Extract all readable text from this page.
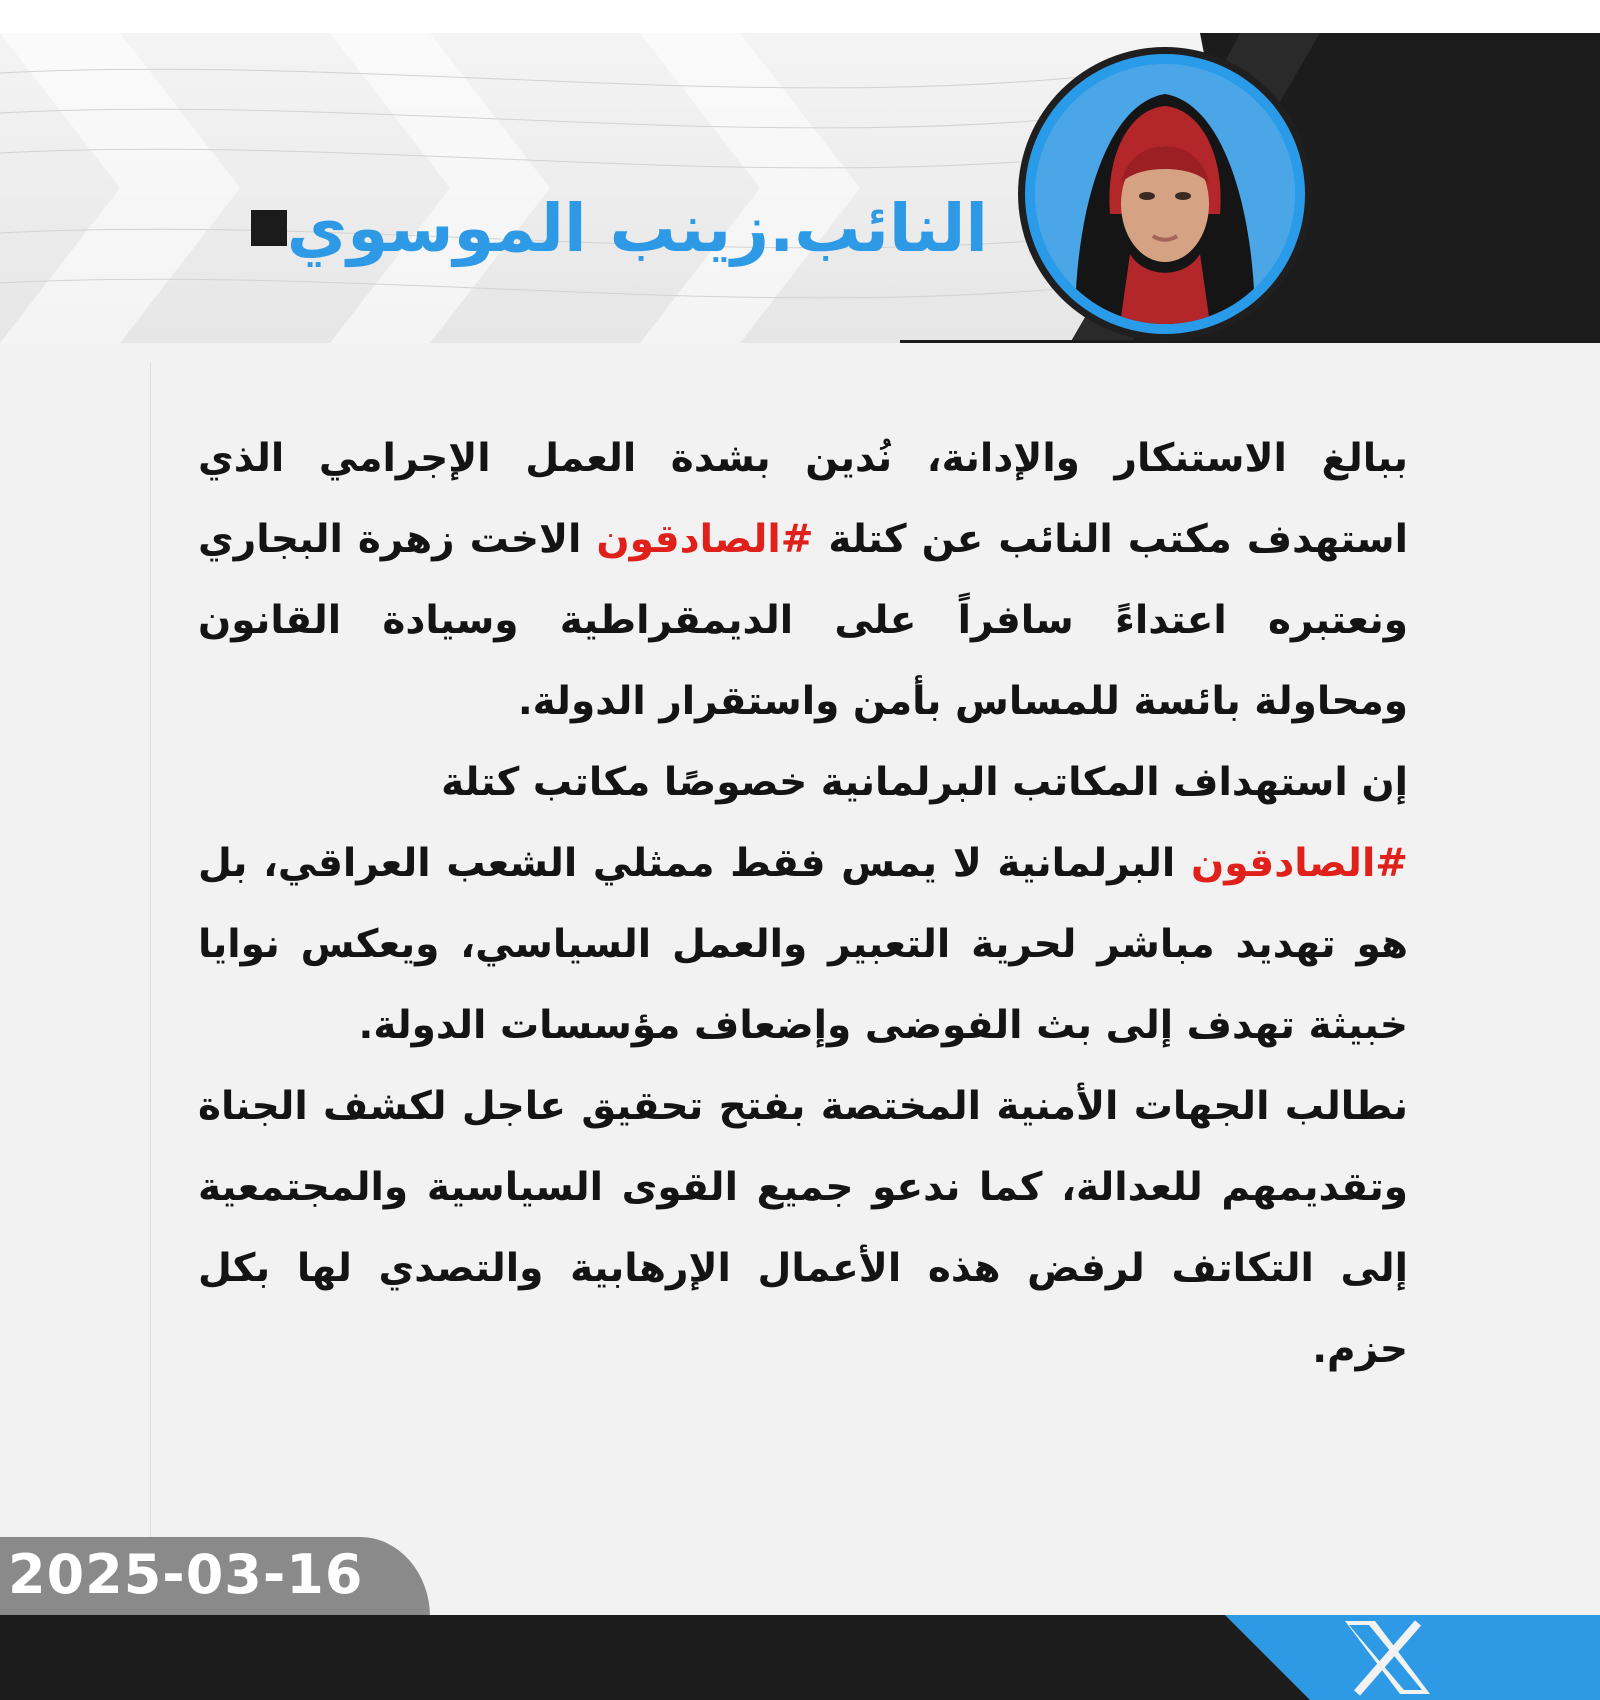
النائب.زينب الموسوي

ببالغ الاستنكار والإدانة، نُدين بشدة العمل الإجرامي الذي استهدف مكتب النائب عن كتلة #الصادقون الاخت زهرة البجاري ونعتبره اعتداءً سافراً على الديمقراطية وسيادة القانون ومحاولة بائسة للمساس بأمن واستقرار الدولة.

إن استهداف المكاتب البرلمانية خصوصًا مكاتب كتلة
#الصادقون البرلمانية لا يمس فقط ممثلي الشعب العراقي، بل هو تهديد مباشر لحرية التعبير والعمل السياسي، ويعكس نوايا خبيثة تهدف إلى بث الفوضى وإضعاف مؤسسات الدولة.

نطالب الجهات الأمنية المختصة بفتح تحقيق عاجل لكشف الجناة وتقديمهم للعدالة، كما ندعو جميع القوى السياسية والمجتمعية إلى التكاتف لرفض هذه الأعمال الإرهابية والتصدي لها بكل حزم.

2025-03-16
